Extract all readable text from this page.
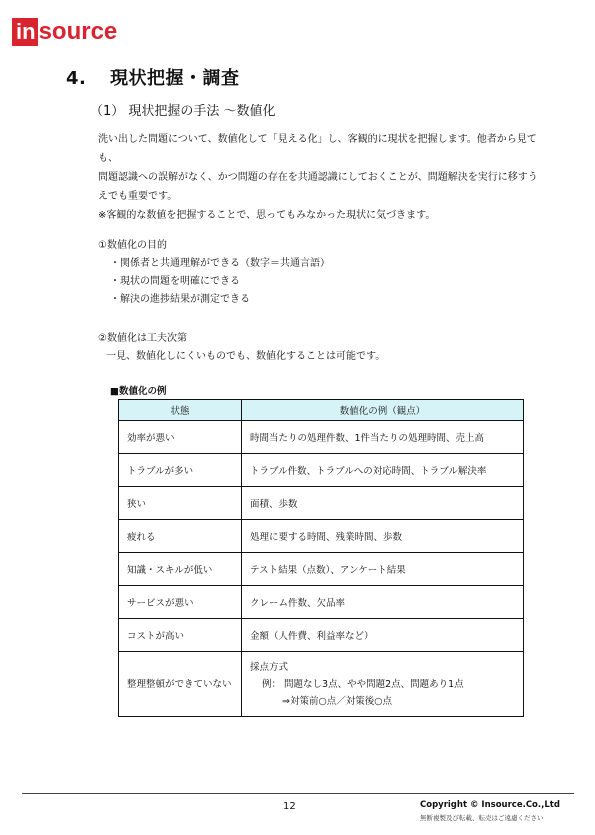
in source
4. 現状把握・調査
（1） 現状把握の手法 ～数値化
洗い出した問題について、数値化して「見える化」し、客観的に現状を把握します。他者から見ても、
問題認識への誤解がなく、かつ問題の存在を共通認識にしておくことが、問題解決を実行に移すう
えでも重要です。
※客観的な数値を把握することで、思ってもみなかった現状に気づきます。
①数値化の目的
・関係者と共通理解ができる（数字＝共通言語）
・現状の問題を明確にできる
・解決の進捗結果が測定できる
②数値化は工夫次第
一見、数値化しにくいものでも、数値化することは可能です。
■数値化の例
状態	数値化の例（観点）
効率が悪い	時間当たりの処理件数、1件当たりの処理時間、売上高
トラブルが多い	トラブル件数、トラブルへの対応時間、トラブル解決率
狭い	面積、歩数
疲れる	処理に要する時間、残業時間、歩数
知識・スキルが低い	テスト結果（点数）、アンケート結果
サービスが悪い	クレーム件数、欠品率
コストが高い	金額（人件費、利益率など）
整理整頓ができていない	採点方式
例： 問題なし3点、やや問題2点、問題あり1点
⇒対策前○点／対策後○点
12	Copyright © Insource.Co.,Ltd
無断複製及び転載、転売はご遠慮ください
